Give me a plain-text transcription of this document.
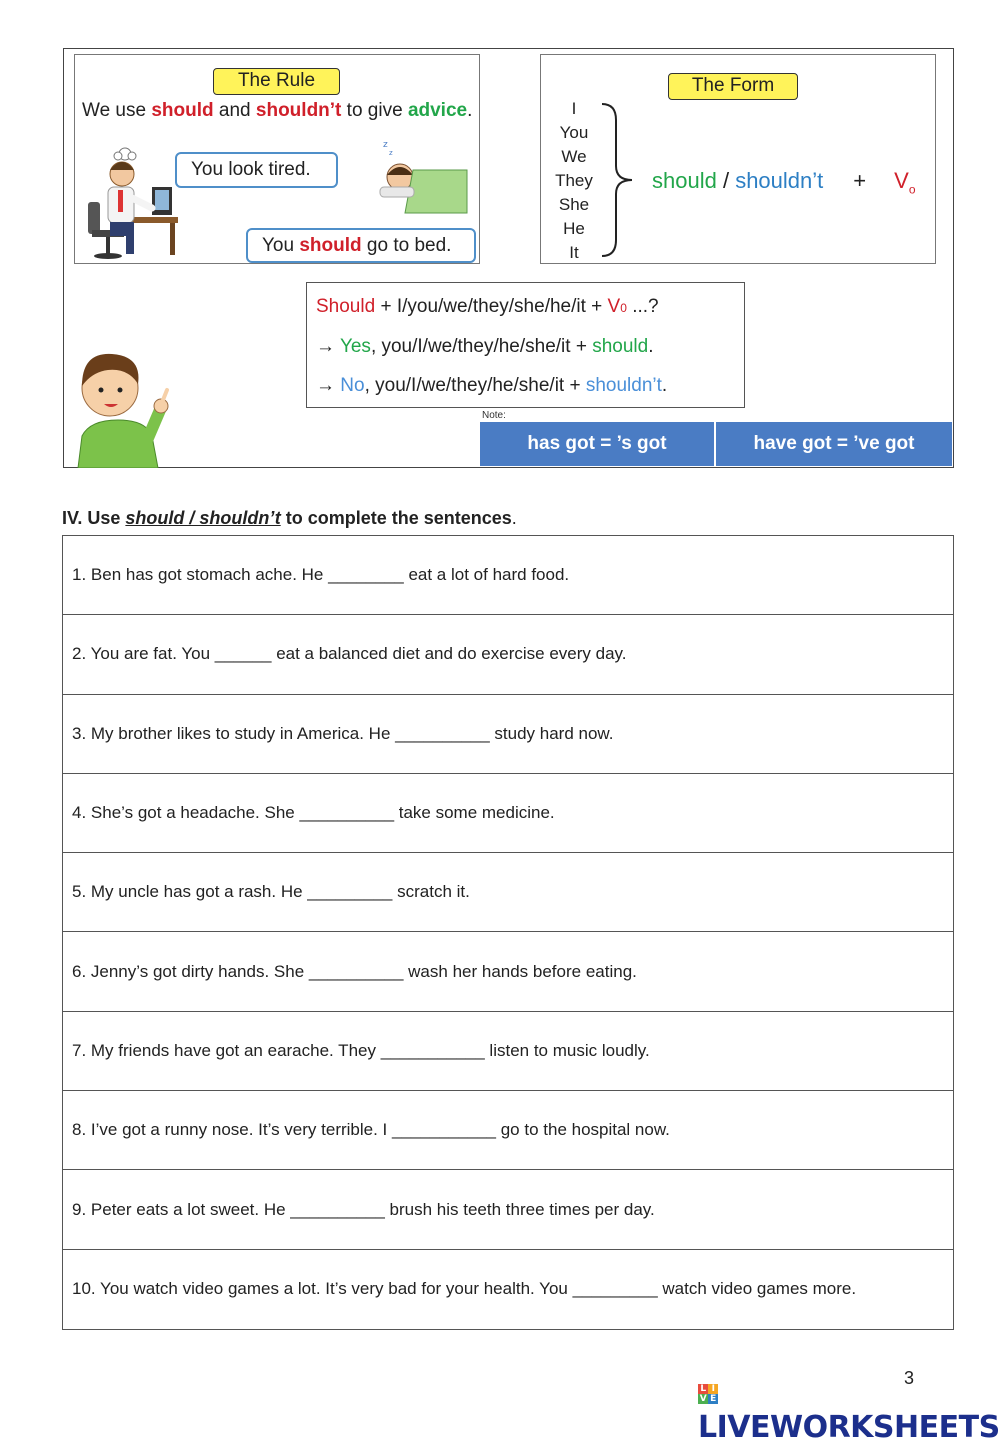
The Rule
We use should and shouldn’t to give advice.
You look tired.
You should go to bed.
z
z
The Form
I
You
We
They
She
He
It
should / shouldn’t + $V_o$
Should + I/you/we/they/she/he/it + V0 ...?
→ Yes, you/I/we/they/he/she/it + should.
→ No, you/I/we/they/he/she/it + shouldn’t.
Note:
has got = ’s got	have got = ’ve got
IV. Use should / shouldn’t to complete the sentences.
1. Ben has got stomach ache. He ________ eat a lot of hard food.
2. You are fat. You ______ eat a balanced diet and do exercise every day.
3. My brother likes to study in America. He __________ study hard now.
4. She’s got a headache. She __________ take some medicine.
5. My uncle has got a rash. He _________ scratch it.
6. Jenny’s got dirty hands. She __________ wash her hands before eating.
7. My friends have got an earache. They ___________ listen to music loudly.
8. I’ve got a runny nose. It’s very terrible. I ___________ go to the hospital now.
9. Peter eats a lot sweet. He __________ brush his teeth three times per day.
10. You watch video games a lot. It’s very bad for your health. You _________ watch video games more.
3
L I
V ELIVEWORKSHEETS
